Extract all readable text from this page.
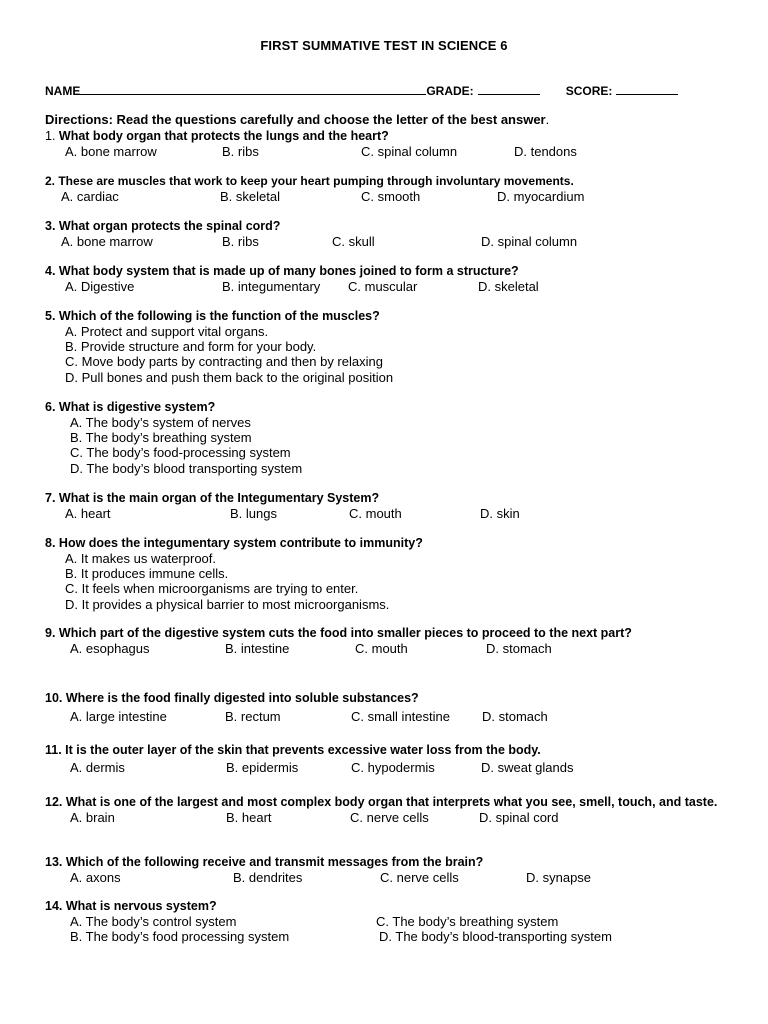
FIRST SUMMATIVE TEST IN SCIENCE 6
NAME	GRADE:	SCORE:
Directions: Read the questions carefully and choose the letter of the best answer.
1. What body organ that protects the lungs and the heart?
A. bone marrow	B. ribs	C. spinal column	D. tendons
2. These are muscles that work to keep your heart pumping through involuntary movements.
A. cardiac	B. skeletal	C. smooth	D. myocardium
3. What organ protects the spinal cord?
A. bone marrow	B. ribs	C. skull	D. spinal column
4. What body system that is made up of many bones joined to form a structure?
A. Digestive	B. integumentary C. muscular	D. skeletal
5. Which of the following is the function of the muscles?
A. Protect and support vital organs.
B. Provide structure and form for your body.
C. Move body parts by contracting and then by relaxing
D. Pull bones and push them back to the original position
6. What is digestive system?
A. The body’s system of nerves
B. The body’s breathing system
C. The body’s food-processing system
D. The body’s blood transporting system
7. What is the main organ of the Integumentary System?
A. heart	B. lungs	C. mouth	D. skin
8. How does the integumentary system contribute to immunity?
A. It makes us waterproof.
B. It produces immune cells.
C. It feels when microorganisms are trying to enter.
D. It provides a physical barrier to most microorganisms.
9. Which part of the digestive system cuts the food into smaller pieces to proceed to the next part?
A. esophagus	B. intestine	C. mouth	D. stomach
10. Where is the food finally digested into soluble substances?
A. large intestine	B. rectum	C. small intestine D. stomach
11. It is the outer layer of the skin that prevents excessive water loss from the body.
A. dermis	B. epidermis	C. hypodermis	D. sweat glands
12. What is one of the largest and most complex body organ that interprets what you see, smell, touch, and taste.
A. brain	B. heart	C. nerve cells	D. spinal cord
13. Which of the following receive and transmit messages from the brain?
A. axons	B. dendrites	C. nerve cells	D. synapse
14. What is nervous system?
A. The body’s control system	C. The body’s breathing system
B. The body’s food processing system	D. The body’s blood-transporting system
